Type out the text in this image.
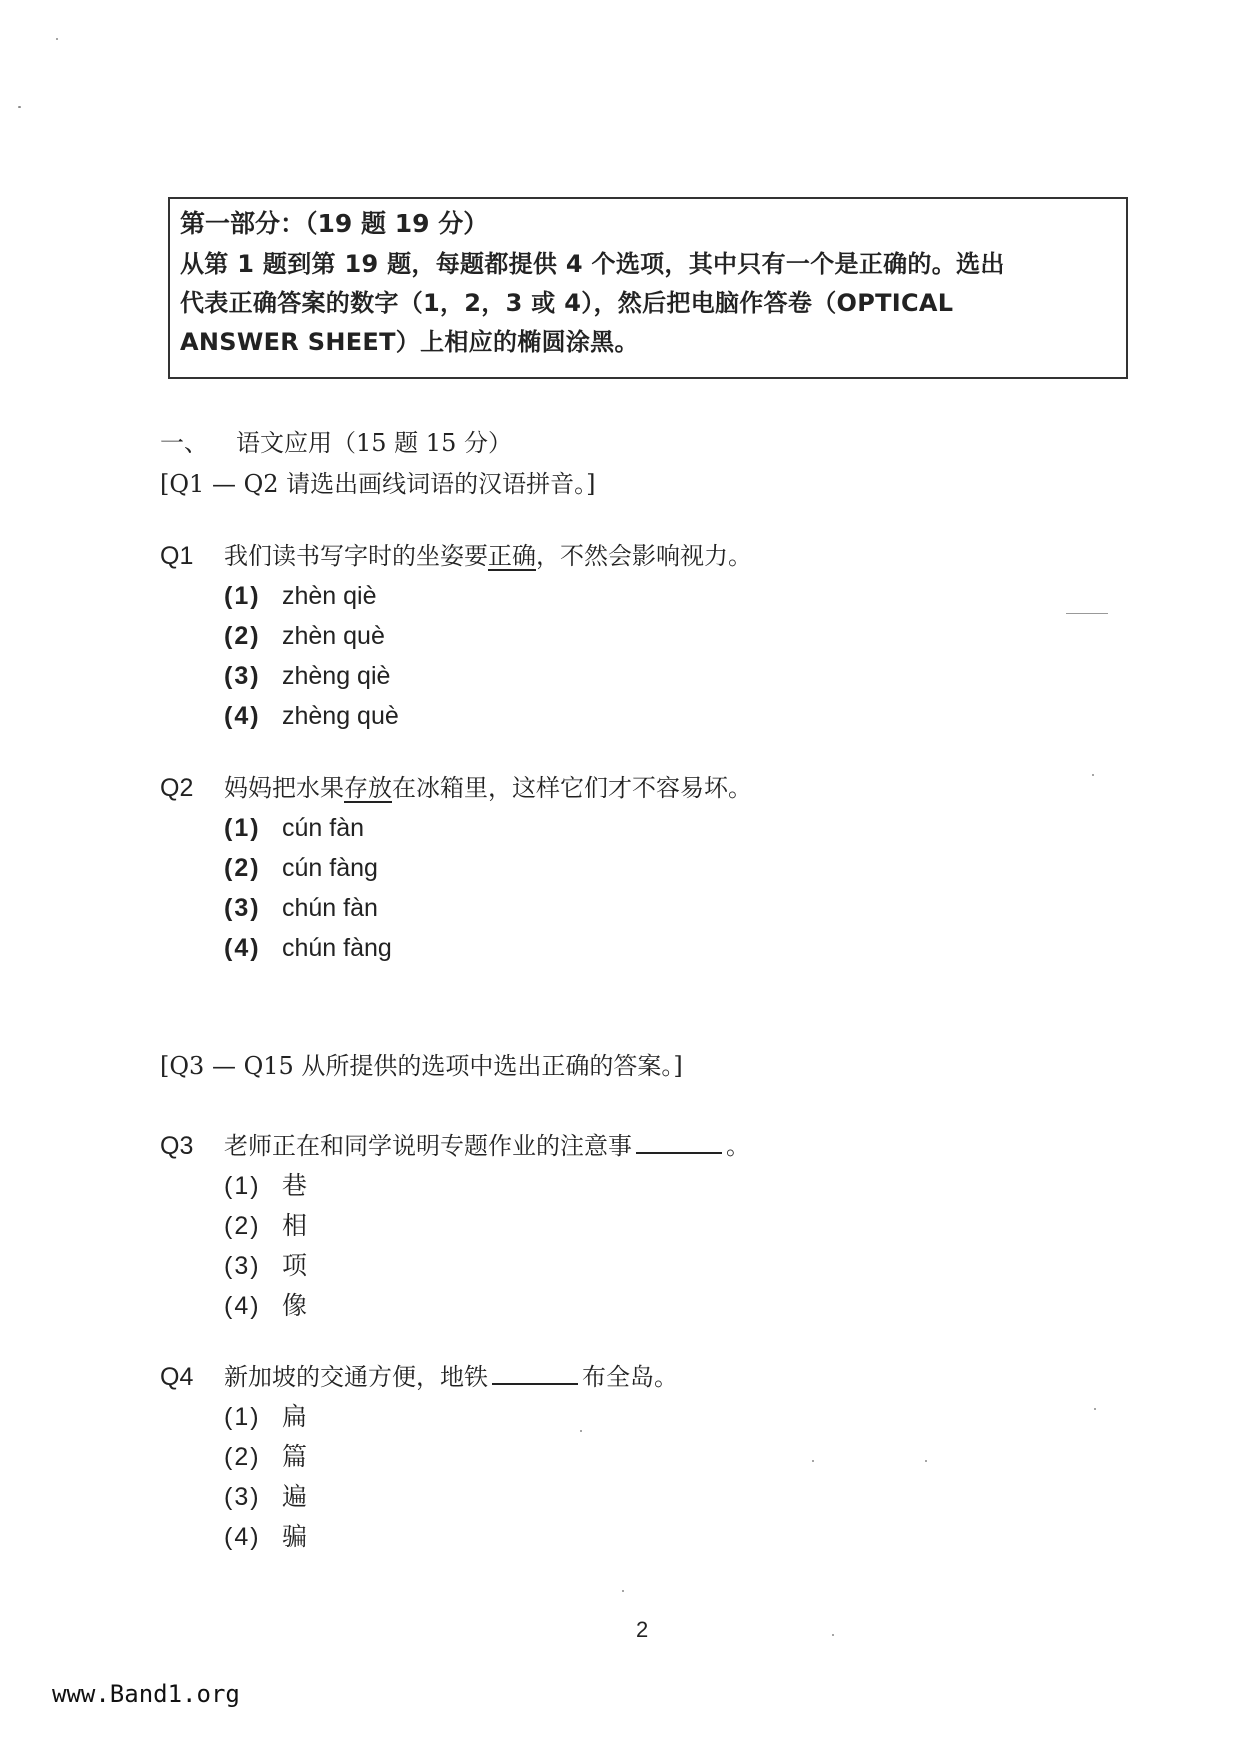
第一部分：（19 题 19 分）
从第 1 题到第 19 题，每题都提供 4 个选项，其中只有一个是正确的。选出
代表正确答案的数字（1，2，3 或 4），然后把电脑作答卷（OPTICAL
ANSWER SHEET）上相应的椭圆涂黑。
一、 语文应用（15 题 15 分）
[Q1 — Q2 请选出画线词语的汉语拼音。]
Q1 我们读书写字时的坐姿要正确，不然会影响视力。
(1) zhèn qiè
(2) zhèn què
(3) zhèng qiè
(4) zhèng què
Q2 妈妈把水果存放在冰箱里，这样它们才不容易坏。
(1) cún fàn
(2) cún fàng
(3) chún fàn
(4) chún fàng
[Q3 — Q15 从所提供的选项中选出正确的答案。]
Q3 老师正在和同学说明专题作业的注意事	。
(1) 巷
(2) 相
(3) 项
(4) 像
Q4 新加坡的交通方便，地铁	布全岛。
(1) 扁
(2) 篇
(3) 遍
(4) 骗
2
www.Band1.org
